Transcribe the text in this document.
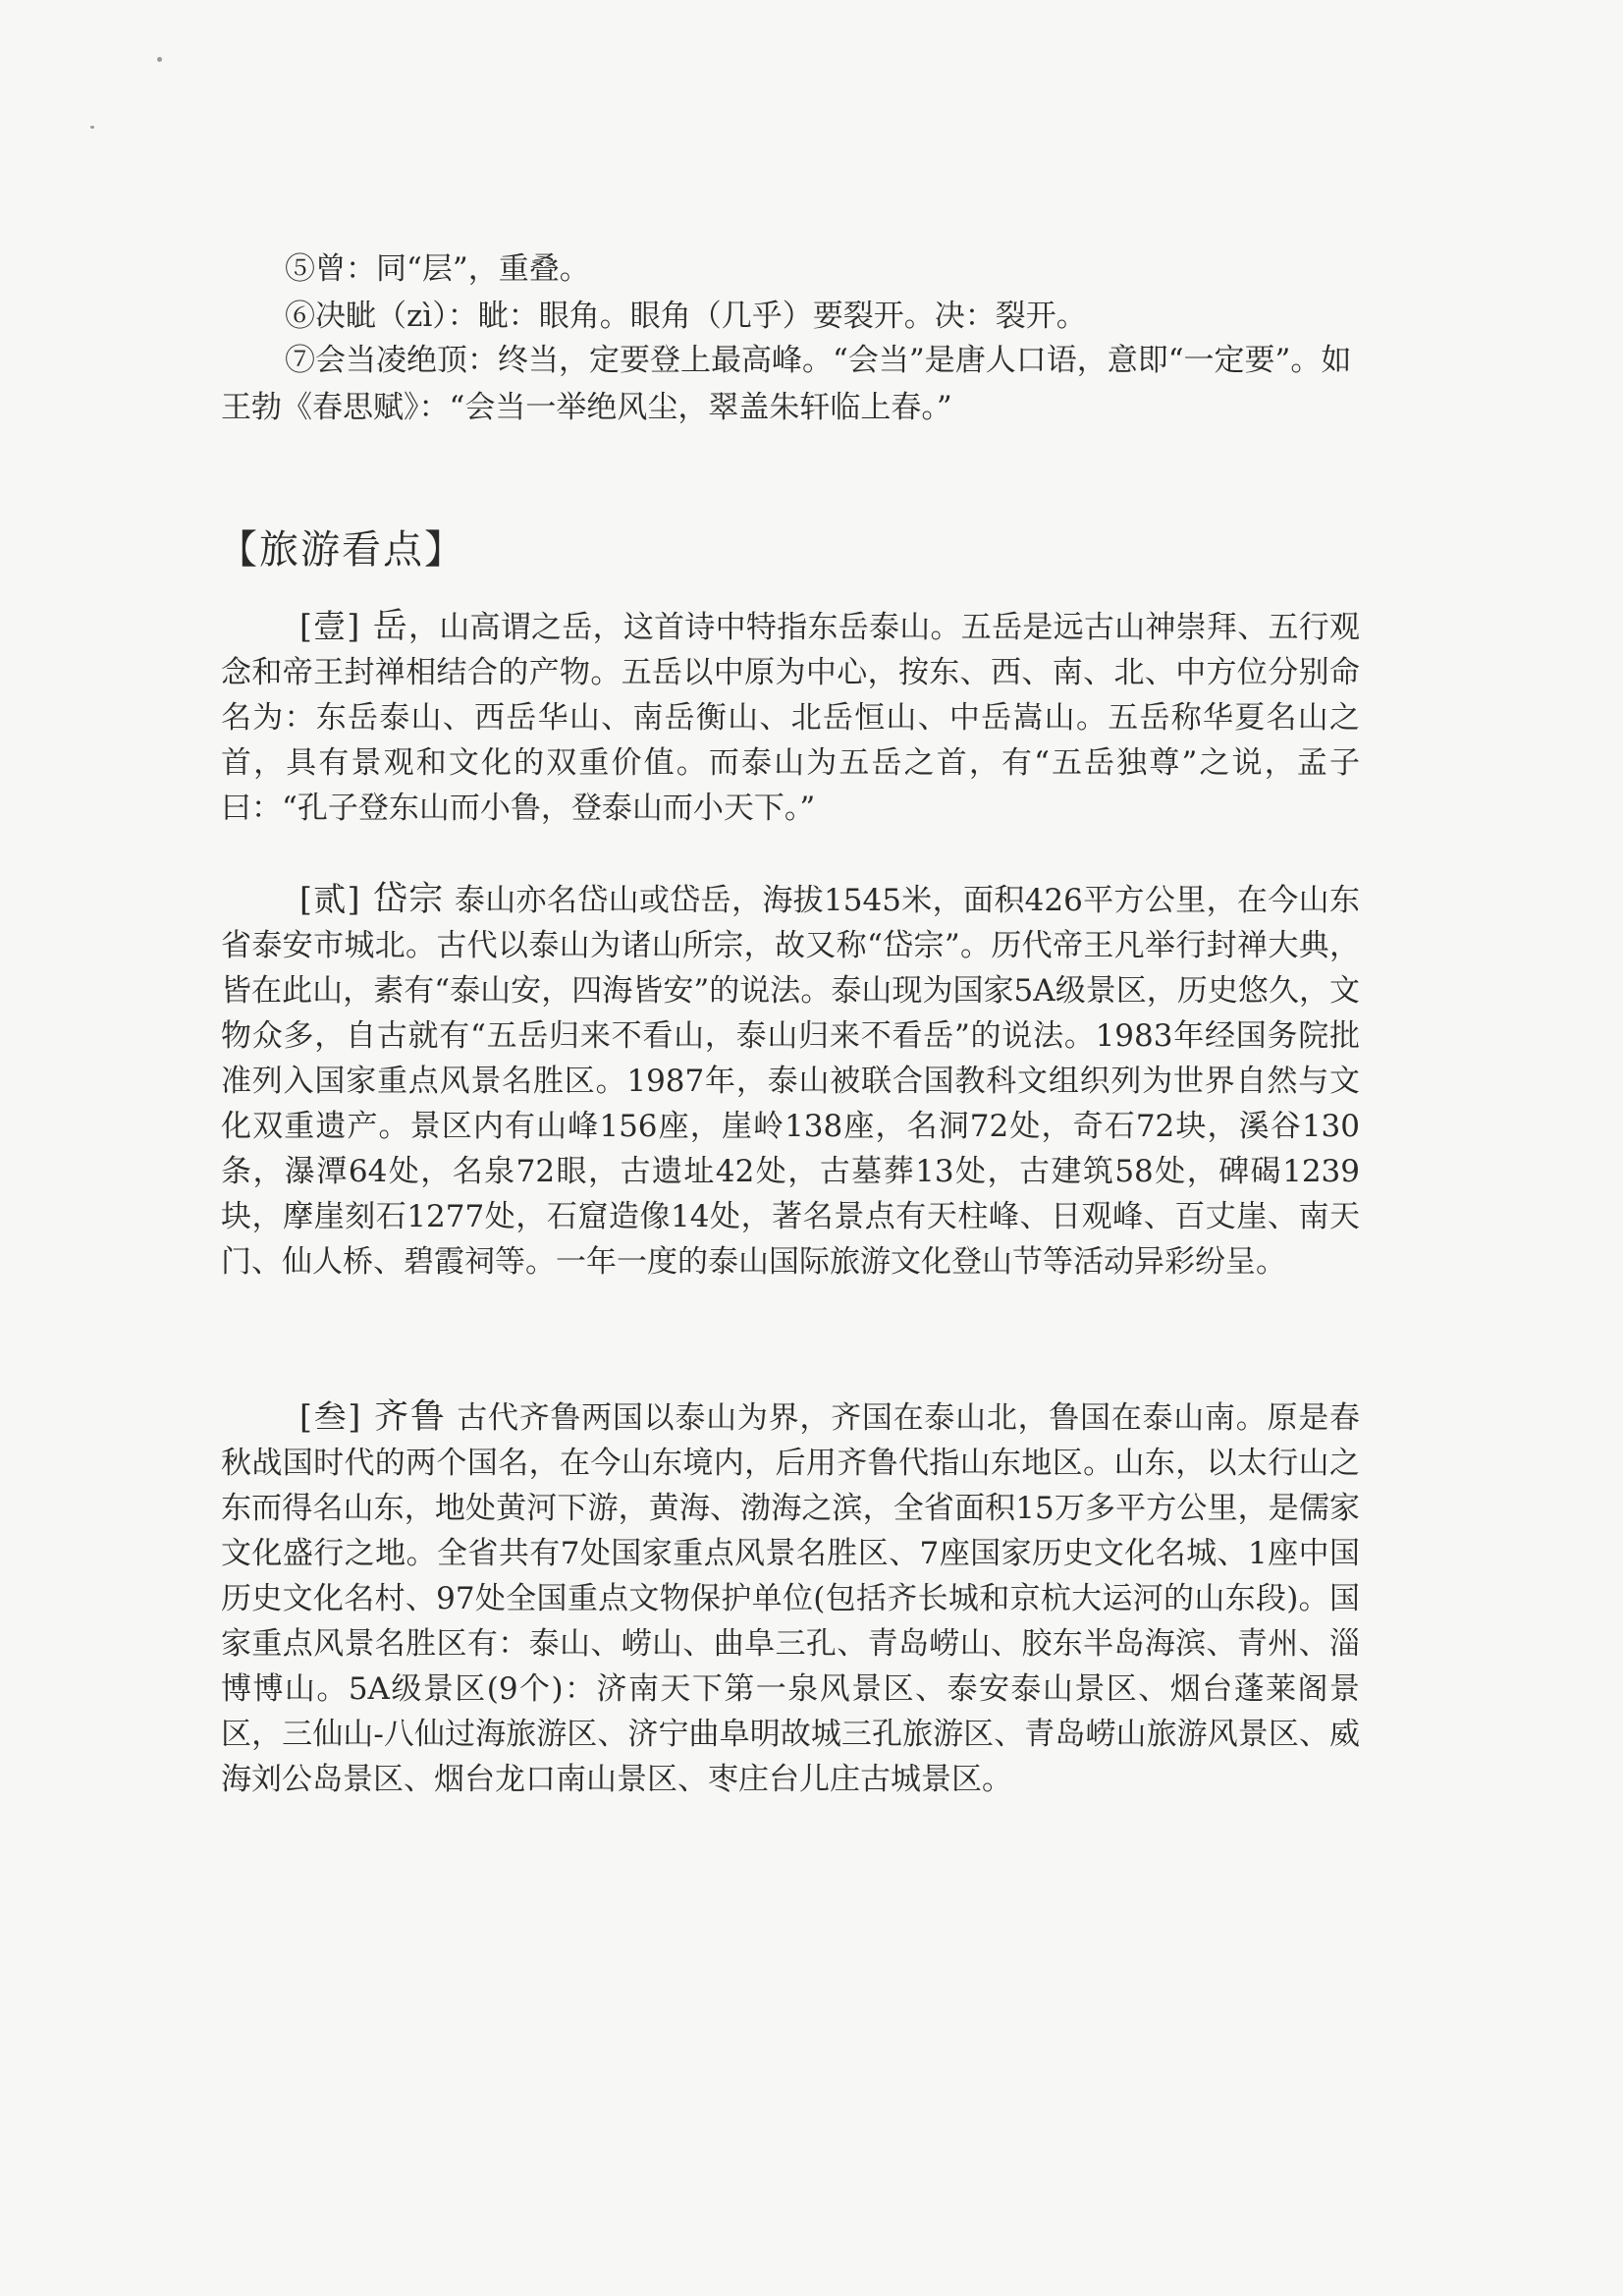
⑤曾：同“层”，重叠。
⑥决眦（zì）：眦：眼角。眼角（几乎）要裂开。决：裂开。
⑦会当凌绝顶：终当，定要登上最高峰。“会当”是唐人口语，意即“一定要”。如王勃《春思赋》：“会当一举绝风尘，翠盖朱轩临上春。”
【旅游看点】
[壹] 岳，山高谓之岳，这首诗中特指东岳泰山。五岳是远古山神崇拜、五行观念和帝王封禅相结合的产物。五岳以中原为中心，按东、西、南、北、中方位分别命名为：东岳泰山、西岳华山、南岳衡山、北岳恒山、中岳嵩山。五岳称华夏名山之首，具有景观和文化的双重价值。而泰山为五岳之首，有“五岳独尊”之说，孟子曰：“孔子登东山而小鲁，登泰山而小天下。”
[贰] 岱宗 泰山亦名岱山或岱岳，海拔1545米，面积426平方公里，在今山东省泰安市城北。古代以泰山为诸山所宗，故又称“岱宗”。历代帝王凡举行封禅大典，皆在此山，素有“泰山安，四海皆安”的说法。泰山现为国家5A级景区，历史悠久，文物众多，自古就有“五岳归来不看山，泰山归来不看岳”的说法。1983年经国务院批准列入国家重点风景名胜区。1987年，泰山被联合国教科文组织列为世界自然与文化双重遗产。景区内有山峰156座，崖岭138座，名洞72处，奇石72块，溪谷130条，瀑潭64处，名泉72眼，古遗址42处，古墓葬13处，古建筑58处，碑碣1239块，摩崖刻石1277处，石窟造像14处，著名景点有天柱峰、日观峰、百丈崖、南天门、仙人桥、碧霞祠等。一年一度的泰山国际旅游文化登山节等活动异彩纷呈。
[叁] 齐鲁 古代齐鲁两国以泰山为界，齐国在泰山北，鲁国在泰山南。原是春秋战国时代的两个国名，在今山东境内，后用齐鲁代指山东地区。山东，以太行山之东而得名山东，地处黄河下游，黄海、渤海之滨，全省面积15万多平方公里，是儒家文化盛行之地。全省共有7处国家重点风景名胜区、7座国家历史文化名城、1座中国历史文化名村、97处全国重点文物保护单位(包括齐长城和京杭大运河的山东段)。国家重点风景名胜区有：泰山、崂山、曲阜三孔、青岛崂山、胶东半岛海滨、青州、淄博博山。5A级景区(9个)：济南天下第一泉风景区、泰安泰山景区、烟台蓬莱阁景区，三仙山-八仙过海旅游区、济宁曲阜明故城三孔旅游区、青岛崂山旅游风景区、威海刘公岛景区、烟台龙口南山景区、枣庄台儿庄古城景区。
